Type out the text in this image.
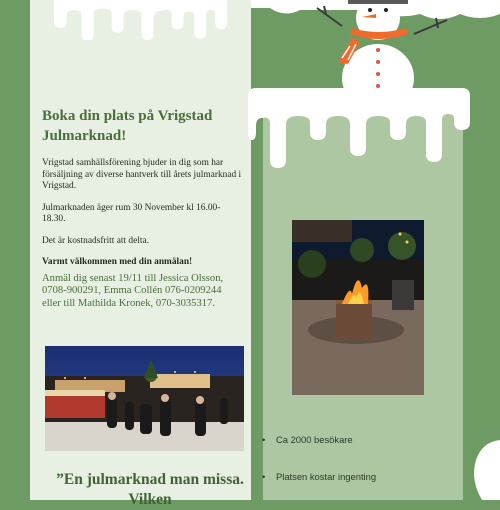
Boka din plats på Vrigstad Julmarknad!

Vrigstad samhällsförening bjuder in dig som har försäljning av diverse hantverk till årets julmarknad i Vrigstad.

Julmarknaden äger rum 30 November kl 16.00-18.30.

Det är kostnadsfritt att delta.

Varmt välkommen med din anmälan!

Anmäl dig senast 19/11 till Jessica Olsson, 0708-900291, Emma Collén 076-0209244 eller till Mathilda Kronek, 070-3035317.

”En julmarknad man missa. Vilken
• Ca 2000 besökare
• Platsen kostar ingenting
